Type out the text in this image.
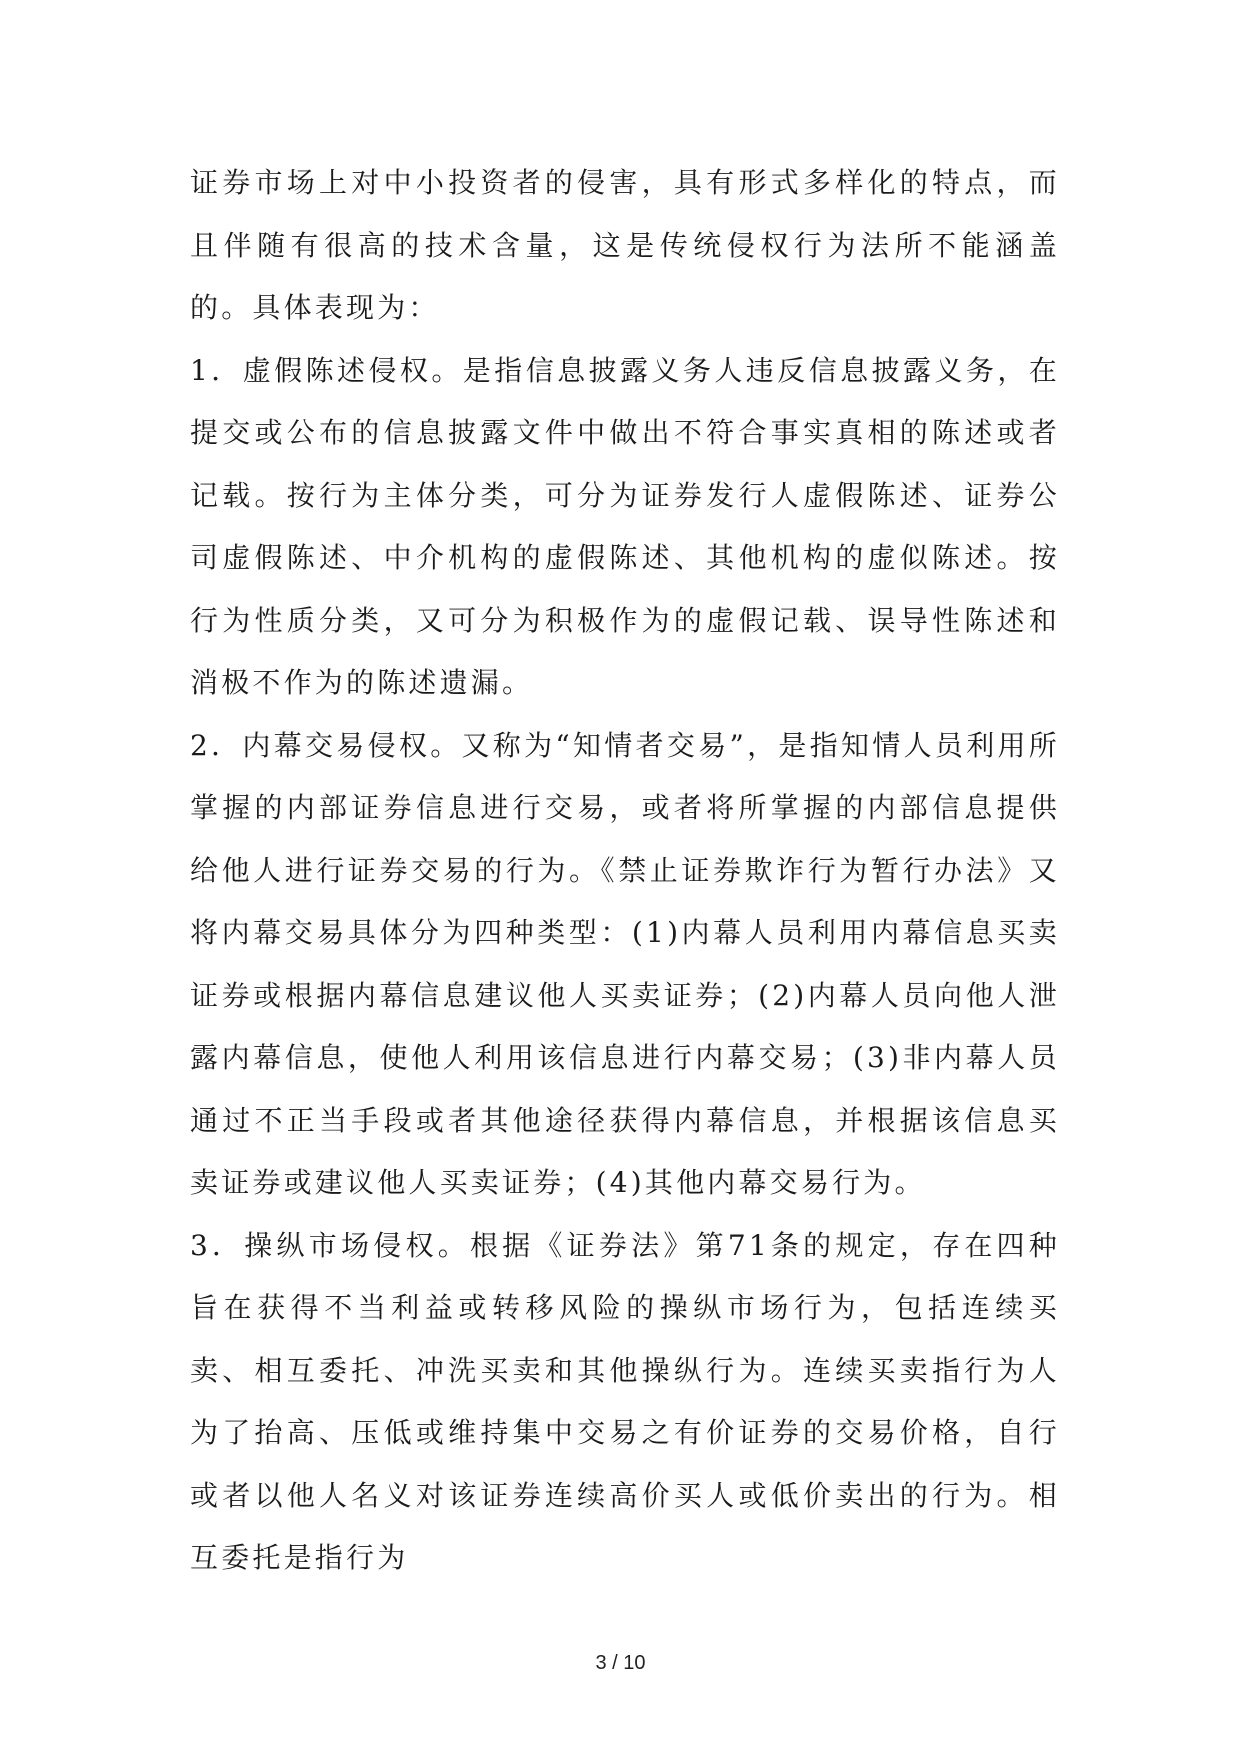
证券市场上对中小投资者的侵害，具有形式多样化的特点，而且伴随有很高的技术含量，这是传统侵权行为法所不能涵盖的。具体表现为：

1．虚假陈述侵权。是指信息披露义务人违反信息披露义务，在提交或公布的信息披露文件中做出不符合事实真相的陈述或者记载。按行为主体分类，可分为证券发行人虚假陈述、证券公司虚假陈述、中介机构的虚假陈述、其他机构的虚似陈述。按行为性质分类，又可分为积极作为的虚假记载、误导性陈述和消极不作为的陈述遗漏。

2．内幕交易侵权。又称为“知情者交易”，是指知情人员利用所掌握的内部证券信息进行交易，或者将所掌握的内部信息提供给他人进行证券交易的行为。《禁止证券欺诈行为暂行办法》又将内幕交易具体分为四种类型：(1)内幕人员利用内幕信息买卖证券或根据内幕信息建议他人买卖证券；(2)内幕人员向他人泄露内幕信息，使他人利用该信息进行内幕交易；(3)非内幕人员通过不正当手段或者其他途径获得内幕信息，并根据该信息买卖证券或建议他人买卖证券；(4)其他内幕交易行为。

3．操纵市场侵权。根据《证券法》第71条的规定，存在四种旨在获得不当利益或转移风险的操纵市场行为，包括连续买卖、相互委托、冲洗买卖和其他操纵行为。连续买卖指行为人为了抬高、压低或维持集中交易之有价证券的交易价格，自行或者以他人名义对该证券连续高价买人或低价卖出的行为。相互委托是指行为

3 / 10
